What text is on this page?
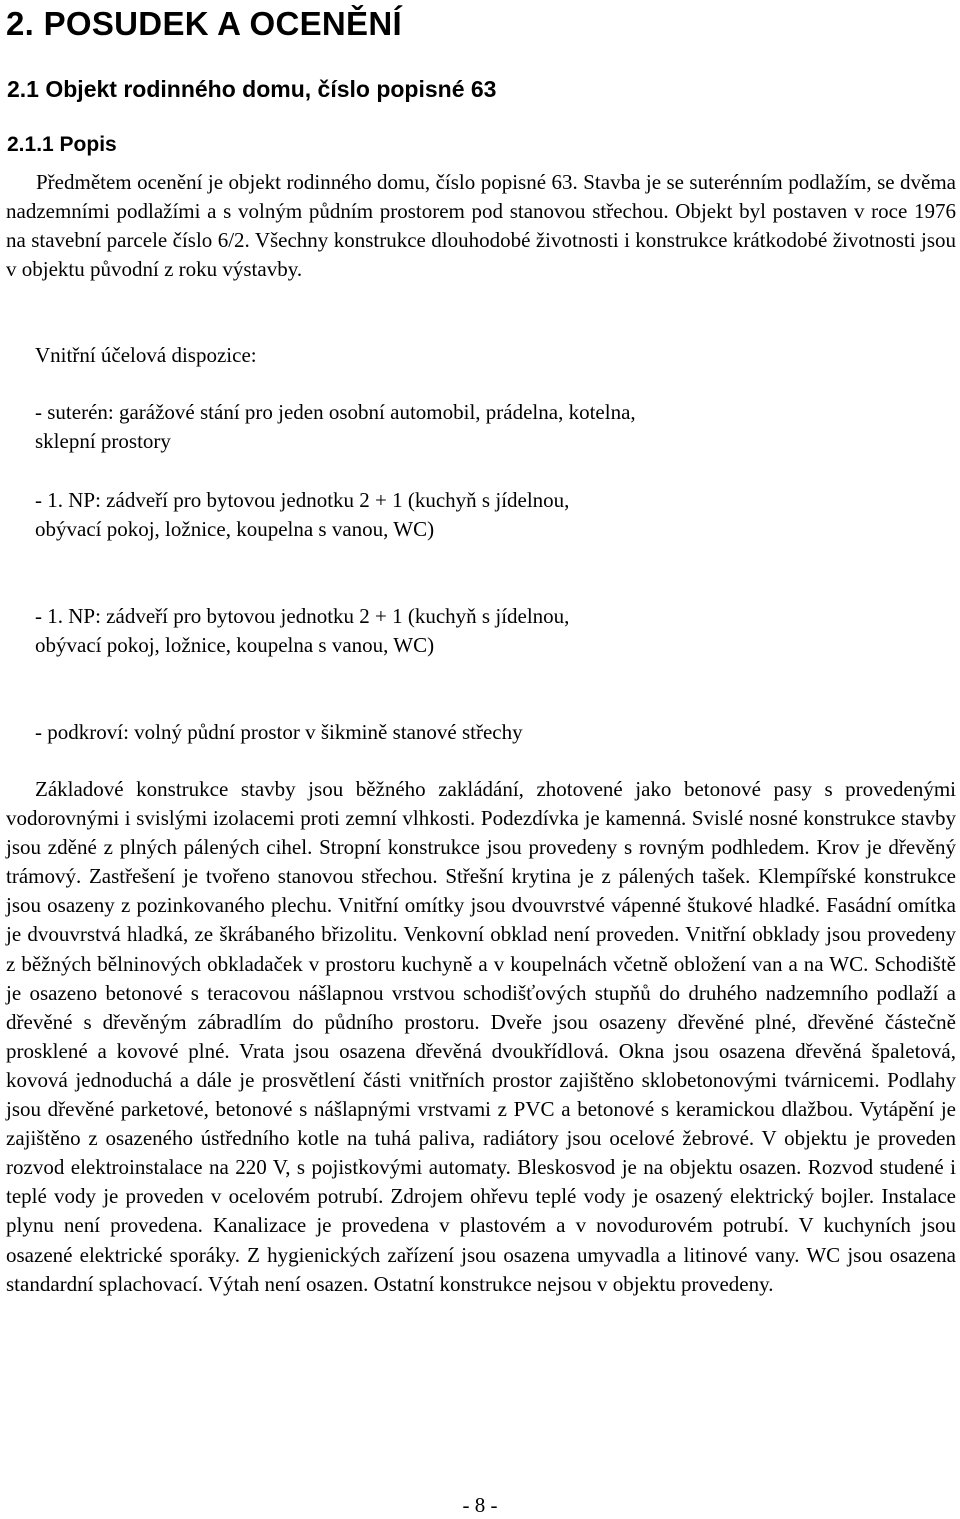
2. POSUDEK A OCENĚNÍ
2.1 Objekt rodinného domu, číslo popisné 63
2.1.1 Popis

Předmětem ocenění je objekt rodinného domu, číslo popisné 63. Stavba je se suterénním podlažím, se dvěma nadzemními podlažími a s volným půdním prostorem pod stanovou střechou. Objekt byl postaven v roce 1976 na stavební parcele číslo 6/2. Všechny konstrukce dlouhodobé životnosti i konstrukce krátkodobé životnosti jsou v objektu původní z roku výstavby.

Vnitřní účelová dispozice:

- suterén: garážové stání pro jeden osobní automobil, prádelna, kotelna, sklepní prostory

- 1. NP: zádveří pro bytovou jednotku 2 + 1 (kuchyň s jídelnou, obývací pokoj, ložnice, koupelna s vanou, WC)

- 1. NP: zádveří pro bytovou jednotku 2 + 1 (kuchyň s jídelnou, obývací pokoj, ložnice, koupelna s vanou, WC)

- podkroví: volný půdní prostor v šikmině stanové střechy

Základové konstrukce stavby jsou běžného zakládání, zhotovené jako betonové pasy s provedenými vodorovnými i svislými izolacemi proti zemní vlhkosti. Podezdívka je kamenná. Svislé nosné konstrukce stavby jsou zděné z plných pálených cihel. Stropní konstrukce jsou provedeny s rovným podhledem. Krov je dřevěný trámový. Zastřešení je tvořeno stanovou střechou. Střešní krytina je z pálených tašek. Klempířské konstrukce jsou osazeny z pozinkovaného plechu. Vnitřní omítky jsou dvouvrstvé vápenné štukové hladké. Fasádní omítka je dvouvrstvá hladká, ze škrábaného břizolitu. Venkovní obklad není proveden. Vnitřní obklady jsou provedeny z běžných bělninových obkladaček v prostoru kuchyně a v koupelnách včetně obložení van a na WC. Schodiště je osazeno betonové s teracovou nášlapnou vrstvou schodišťových stupňů do druhého nadzemního podlaží a dřevěné s dřevěným zábradlím do půdního prostoru. Dveře jsou osazeny dřevěné plné, dřevěné částečně prosklené a kovové plné. Vrata jsou osazena dřevěná dvoukřídlová. Okna jsou osazena dřevěná špaletová, kovová jednoduchá a dále je prosvětlení části vnitřních prostor zajištěno sklobetonovými tvárnicemi. Podlahy jsou dřevěné parketové, betonové s nášlapnými vrstvami z PVC a betonové s keramickou dlažbou. Vytápění je zajištěno z osazeného ústředního kotle na tuhá paliva, radiátory jsou ocelové žebrové. V objektu je proveden rozvod elektroinstalace na 220 V, s pojistkovými automaty. Bleskosvod je na objektu osazen. Rozvod studené i teplé vody je proveden v ocelovém potrubí. Zdrojem ohřevu teplé vody je osazený elektrický bojler. Instalace plynu není provedena. Kanalizace je provedena v plastovém a v novodurovém potrubí. V kuchyních jsou osazené elektrické sporáky. Z hygienických zařízení jsou osazena umyvadla a litinové vany. WC jsou osazena standardní splachovací. Výtah není osazen. Ostatní konstrukce nejsou v objektu provedeny.

- 8 -
